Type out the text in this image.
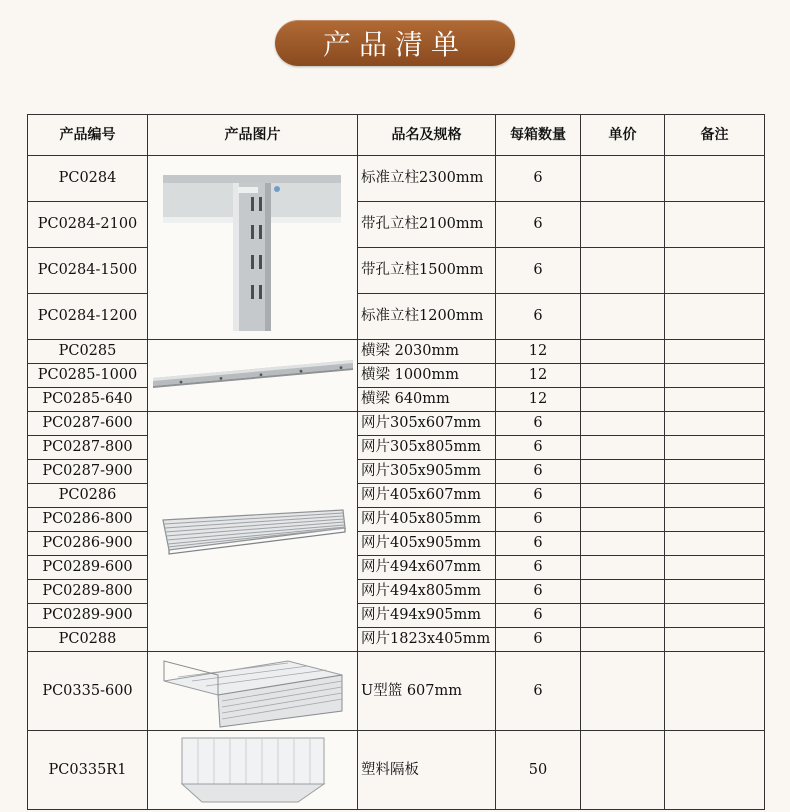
产品清单
产品编号	产品图片	品名及规格	每箱数量	单价	备注
PC0284		标准立柱2300mm	6		
PC0284-2100		带孔立柱2100mm	6		
PC0284-1500		带孔立柱1500mm	6		
PC0284-1200		标准立柱1200mm	6		
PC0285		横梁 2030mm	12		
PC0285-1000		横梁 1000mm	12		
PC0285-640		横梁 640mm	12		
PC0287-600		网片305x607mm	6		
PC0287-800		网片305x805mm	6		
PC0287-900		网片305x905mm	6		
PC0286		网片405x607mm	6		
PC0286-800		网片405x805mm	6		
PC0286-900		网片405x905mm	6		
PC0289-600		网片494x607mm	6		
PC0289-800		网片494x805mm	6		
PC0289-900		网片494x905mm	6		
PC0288		网片1823x405mm	6		
PC0335-600		U型篮 607mm	6		
PC0335R1		塑料隔板	50		
